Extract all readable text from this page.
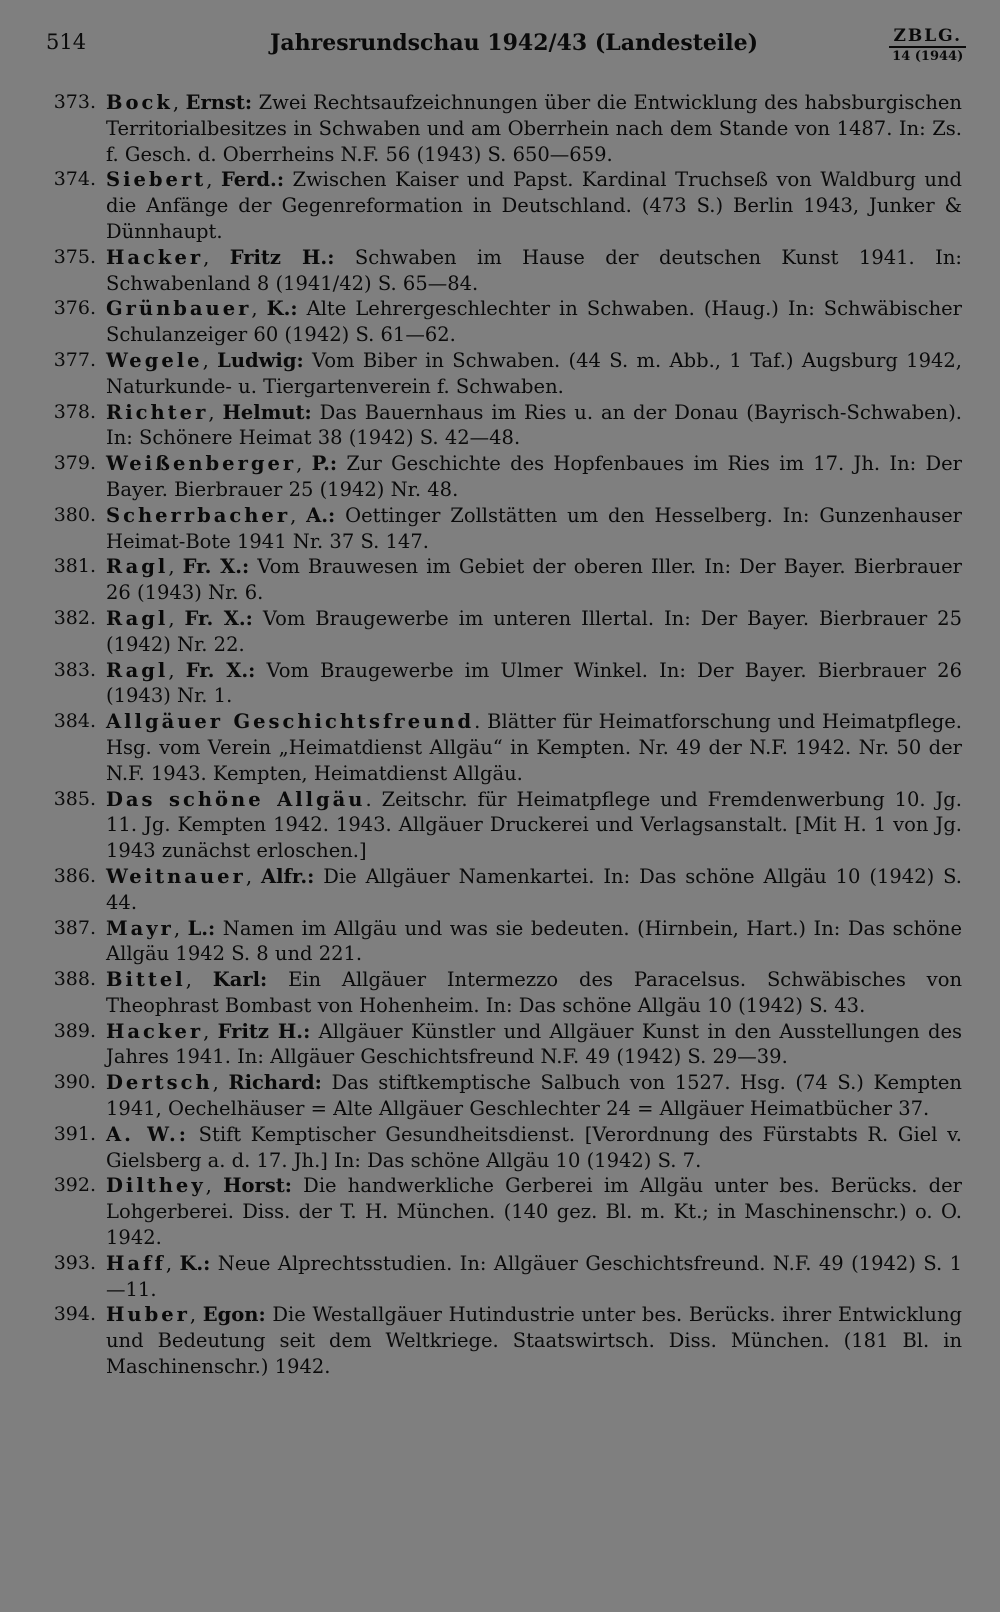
514	Jahresrundschau 1942/43 (Landesteile)	ZBLG.
14 (1944)
373. Bock, Ernst: Zwei Rechtsaufzeichnungen über die Entwicklung des habsburgischen Territorialbesitzes in Schwaben und am Oberrhein nach dem Stande von 1487. In: Zs. f. Gesch. d. Oberrheins N.F. 56 (1943) S. 650—659.
374. Siebert, Ferd.: Zwischen Kaiser und Papst. Kardinal Truchseß von Waldburg und die Anfänge der Gegenreformation in Deutschland. (473 S.) Berlin 1943, Junker & Dünnhaupt.
375. Hacker, Fritz H.: Schwaben im Hause der deutschen Kunst 1941. In: Schwabenland 8 (1941/42) S. 65—84.
376. Grünbauer, K.: Alte Lehrergeschlechter in Schwaben. (Haug.) In: Schwäbischer Schulanzeiger 60 (1942) S. 61—62.
377. Wegele, Ludwig: Vom Biber in Schwaben. (44 S. m. Abb., 1 Taf.) Augsburg 1942, Naturkunde- u. Tiergartenverein f. Schwaben.
378. Richter, Helmut: Das Bauernhaus im Ries u. an der Donau (Bayrisch-Schwaben). In: Schönere Heimat 38 (1942) S. 42—48.
379. Weißenberger, P.: Zur Geschichte des Hopfenbaues im Ries im 17. Jh. In: Der Bayer. Bierbrauer 25 (1942) Nr. 48.
380. Scherrbacher, A.: Oettinger Zollstätten um den Hesselberg. In: Gunzenhauser Heimat-Bote 1941 Nr. 37 S. 147.
381. Ragl, Fr. X.: Vom Brauwesen im Gebiet der oberen Iller. In: Der Bayer. Bierbrauer 26 (1943) Nr. 6.
382. Ragl, Fr. X.: Vom Braugewerbe im unteren Illertal. In: Der Bayer. Bierbrauer 25 (1942) Nr. 22.
383. Ragl, Fr. X.: Vom Braugewerbe im Ulmer Winkel. In: Der Bayer. Bierbrauer 26 (1943) Nr. 1.
384. Allgäuer Geschichtsfreund. Blätter für Heimatforschung und Heimatpflege. Hsg. vom Verein „Heimatdienst Allgäu“ in Kempten. Nr. 49 der N.F. 1942. Nr. 50 der N.F. 1943. Kempten, Heimatdienst Allgäu.
385. Das schöne Allgäu. Zeitschr. für Heimatpflege und Fremdenwerbung 10. Jg. 11. Jg. Kempten 1942. 1943. Allgäuer Druckerei und Verlagsanstalt. [Mit H. 1 von Jg. 1943 zunächst erloschen.]
386. Weitnauer, Alfr.: Die Allgäuer Namenkartei. In: Das schöne Allgäu 10 (1942) S. 44.
387. Mayr, L.: Namen im Allgäu und was sie bedeuten. (Hirnbein, Hart.) In: Das schöne Allgäu 1942 S. 8 und 221.
388. Bittel, Karl: Ein Allgäuer Intermezzo des Paracelsus. Schwäbisches von Theophrast Bombast von Hohenheim. In: Das schöne Allgäu 10 (1942) S. 43.
389. Hacker, Fritz H.: Allgäuer Künstler und Allgäuer Kunst in den Ausstellungen des Jahres 1941. In: Allgäuer Geschichtsfreund N.F. 49 (1942) S. 29—39.
390. Dertsch, Richard: Das stiftkemptische Salbuch von 1527. Hsg. (74 S.) Kempten 1941, Oechelhäuser = Alte Allgäuer Geschlechter 24 = Allgäuer Heimatbücher 37.
391. A. W.: Stift Kemptischer Gesundheitsdienst. [Verordnung des Fürstabts R. Giel v. Gielsberg a. d. 17. Jh.] In: Das schöne Allgäu 10 (1942) S. 7.
392. Dilthey, Horst: Die handwerkliche Gerberei im Allgäu unter bes. Berücks. der Lohgerberei. Diss. der T. H. München. (140 gez. Bl. m. Kt.; in Maschinenschr.) o. O. 1942.
393. Haff, K.: Neue Alprechtsstudien. In: Allgäuer Geschichtsfreund. N.F. 49 (1942) S. 1—11.
394. Huber, Egon: Die Westallgäuer Hutindustrie unter bes. Berücks. ihrer Entwicklung und Bedeutung seit dem Weltkriege. Staatswirtsch. Diss. München. (181 Bl. in Maschinenschr.) 1942.
